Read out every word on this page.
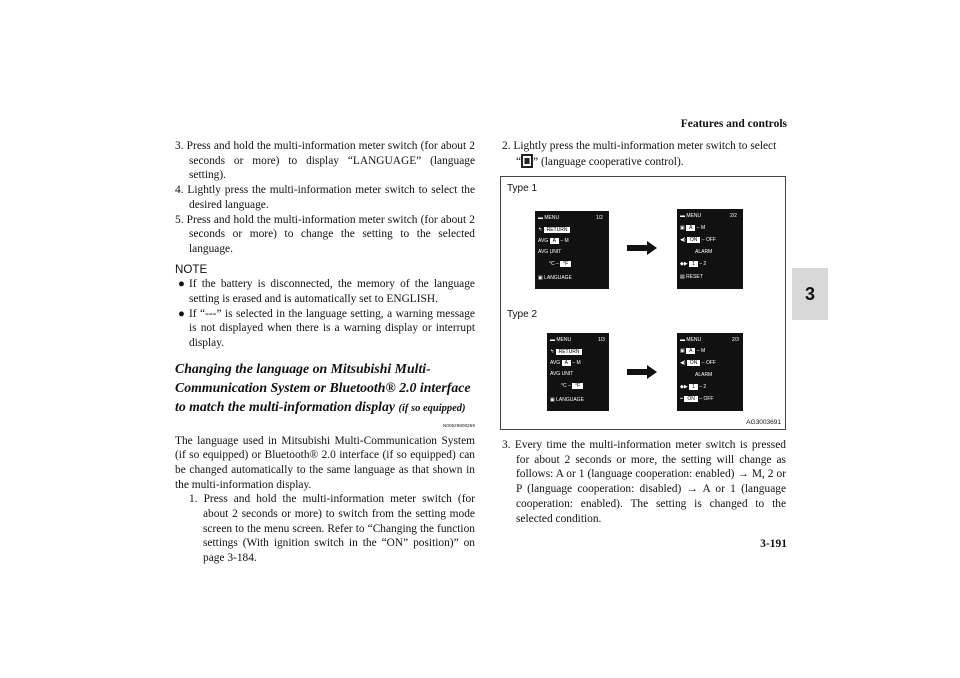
Features and controls
3-191
3

3. Press and hold the multi-information meter switch (for about 2 seconds or more) to display “LANGUAGE” (language setting).

4. Lightly press the multi-information meter switch to select the desired language.

5. Press and hold the multi-information meter switch (for about 2 seconds or more) to change the setting to the selected language.

NOTE

● If the battery is disconnected, the memory of the language setting is erased and is automatically set to ENGLISH.

● If “---” is selected in the language setting, a warning message is not displayed when there is a warning display or interrupt display.

Changing the language on Mitsubishi Multi-Communication System or Bluetooth® 2.0 interface to match the multi-information display (if so equipped)
N00529800259

The language used in Mitsubishi Multi-Communication System (if so equipped) or Bluetooth® 2.0 interface (if so equipped) can be changed automatically to the same language as that shown in the multi-information display.

1. Press and hold the multi-information meter switch (for about 2 seconds or more) to switch from the setting mode screen to the menu screen. Refer to “Changing the function settings (With ignition switch in the “ON” position)” on page 3-184.

2. Lightly press the multi-information meter switch to select
“ ” (language cooperative control).

Type 1
Type 2
AG3003691
▬ MENU	1/2
↰ RETURN
AVG A – M
AVG UNIT
°C – °F
▣ LANGUAGE
▬ MENU	2/2
▣ A – M
◀) ON – OFF
ALARM
◆▶ 1 – 2
▤ RESET
▬ MENU	1/3
↰ RETURN
AVG A – M
AVG UNIT
°C – °F
▣ LANGUAGE
▬ MENU	2/3
▣ A – M
◀) ON – OFF
ALARM
◆▶ 1 – 2
╍ ON – OFF

3. Every time the multi-information meter switch is pressed for about 2 seconds or more, the setting will change as follows: A or 1 (language cooperation: enabled) → M, 2 or P (language cooperation: disabled) → A or 1 (language cooperation: enabled). The setting is changed to the selected condition.
